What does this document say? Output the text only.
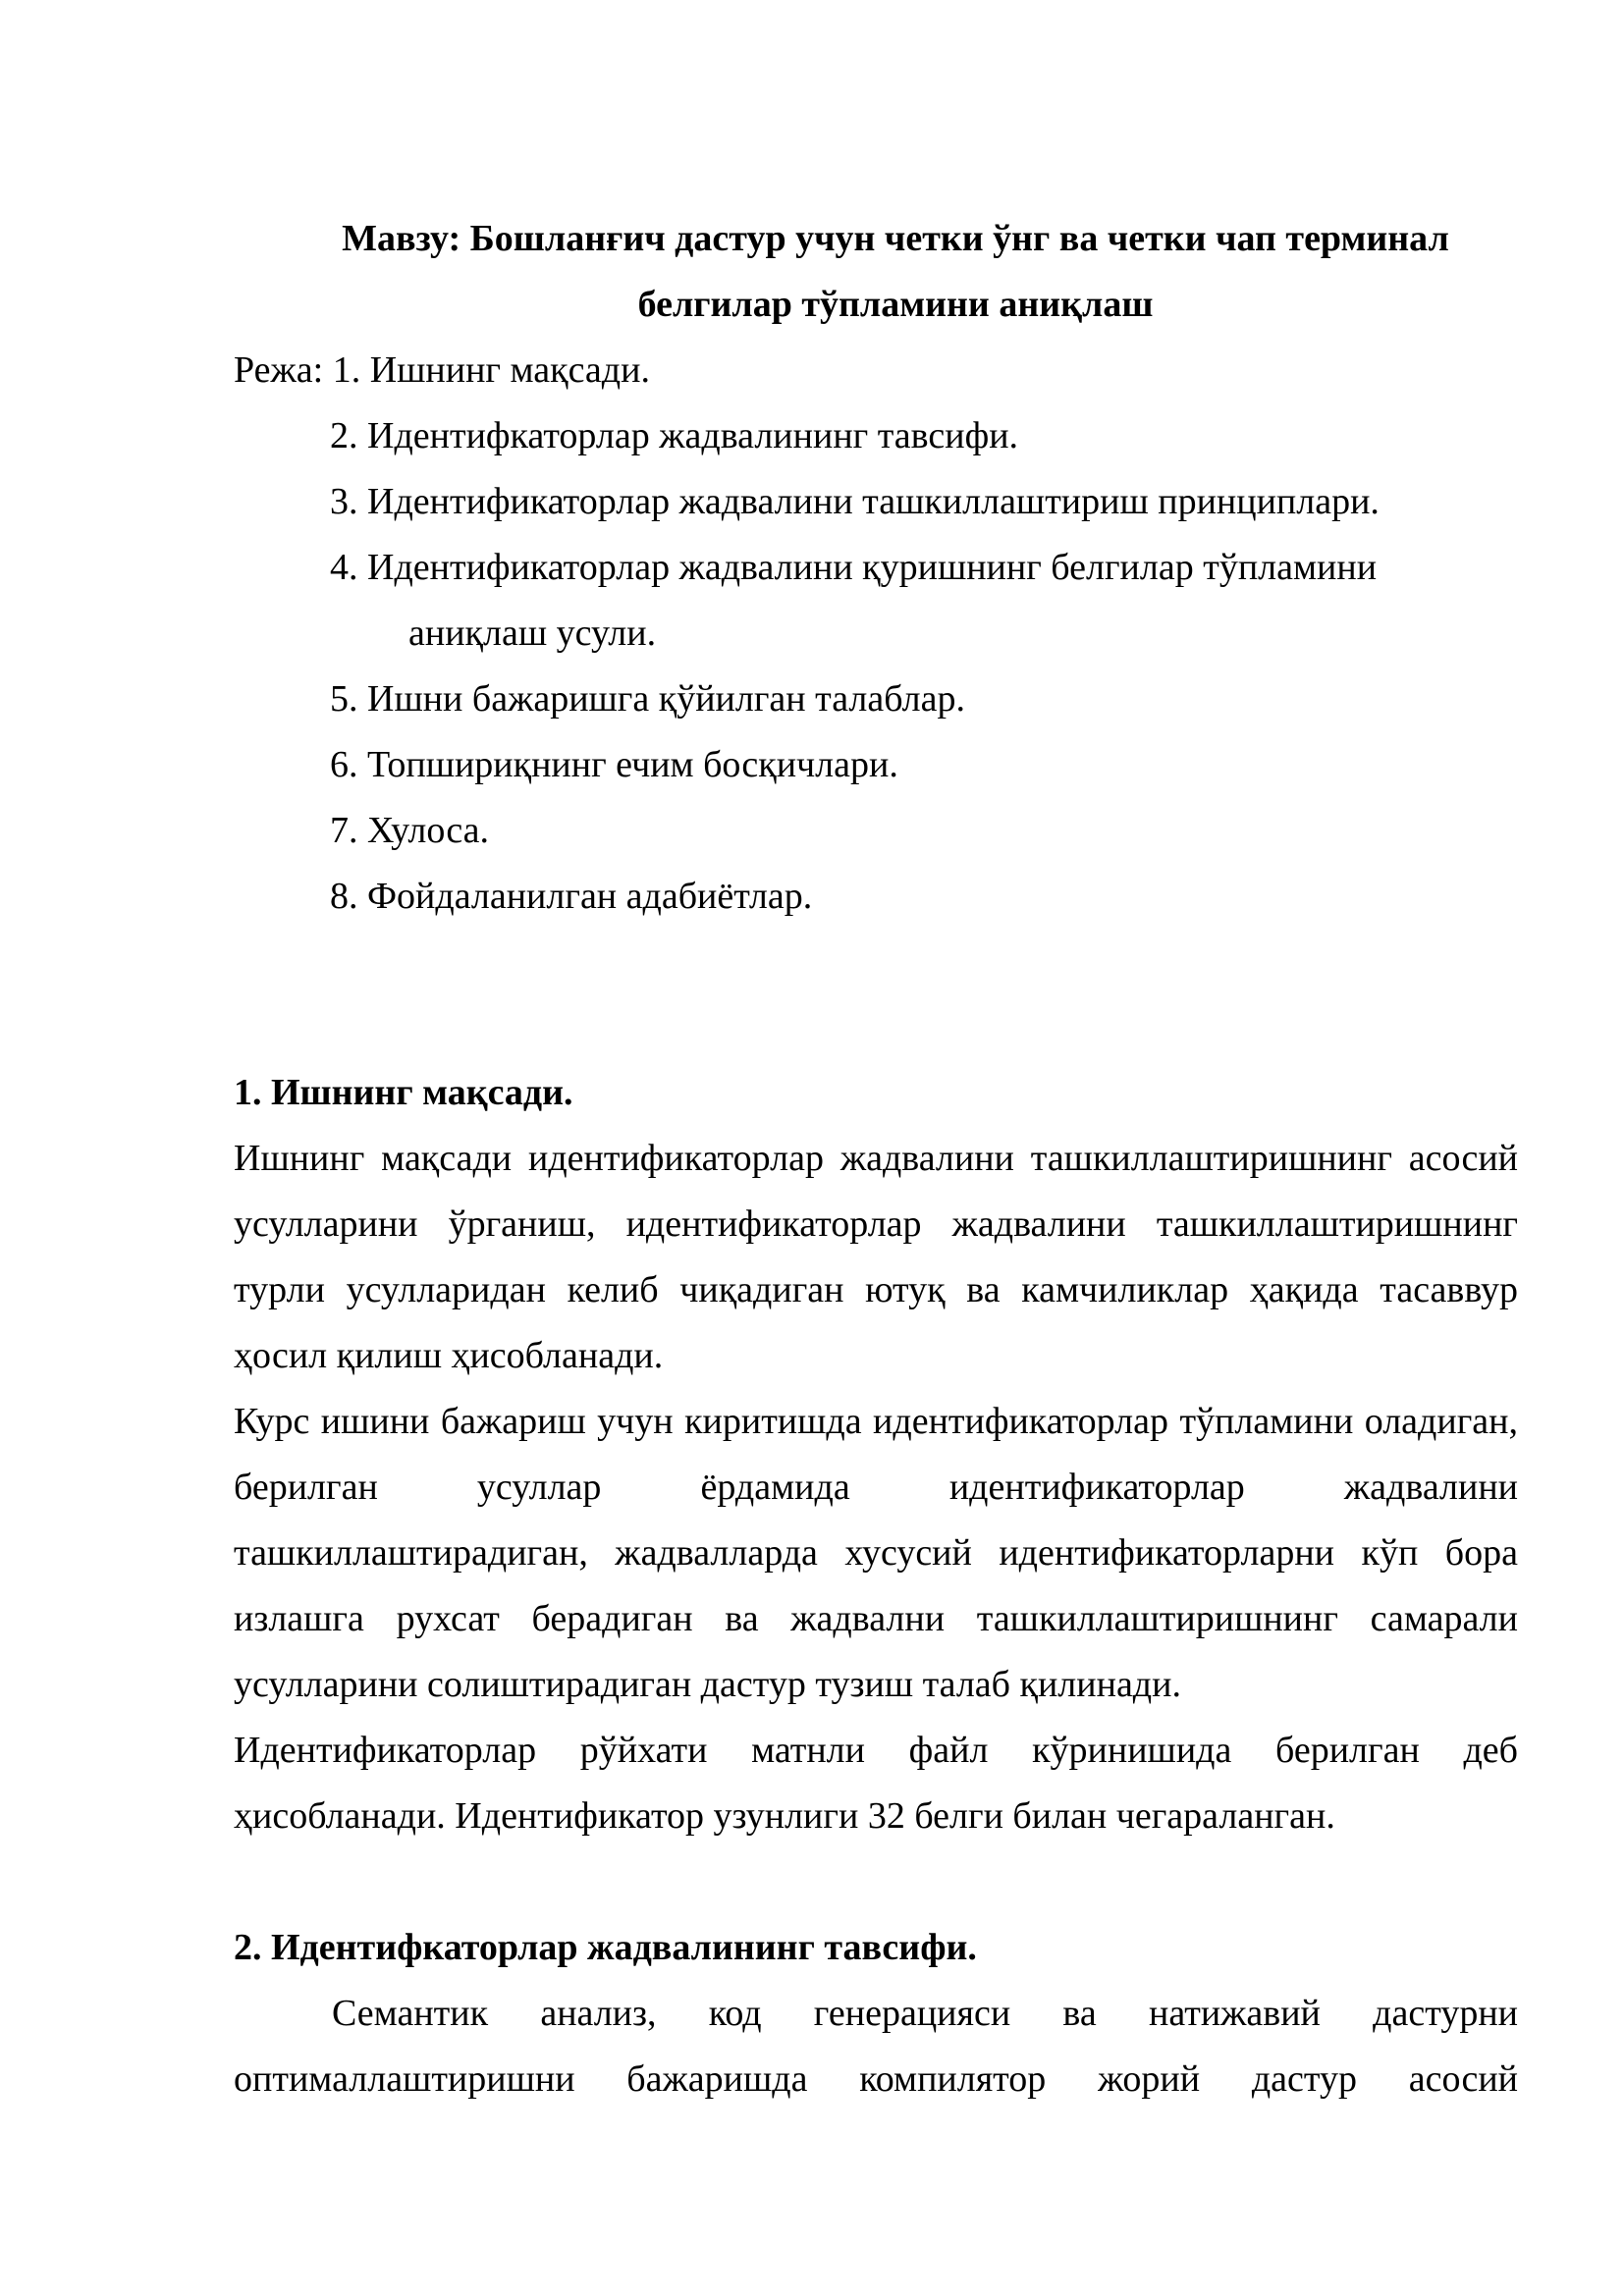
Мавзу: Бошланғич дастур учун четки ўнг ва четки чап терминал
белгилар тўпламини аниқлаш
Режа: 1. Ишнинг мақсади.
2. Идентифкаторлар жадвалининг тавсифи.
3. Идентификаторлар жадвалини ташкиллаштириш принциплари.
4. Идентификаторлар жадвалини қуришнинг белгилар тўпламини
аниқлаш усули.
5. Ишни бажаришга қўйилган талаблар.
6. Топшириқнинг ечим босқичлари.
7. Хулоса.
8. Фойдаланилган адабиётлар.
1. Ишнинг мақсади.

Ишнинг мақсади идентификаторлар жадвалини ташкиллаштиришнинг асосий усулларини ўрганиш, идентификаторлар жадвалини ташкиллаштиришнинг турли усулларидан келиб чиқадиган ютуқ ва камчиликлар ҳақида тасаввур ҳосил қилиш ҳисобланади.

Курс ишини бажариш учун киритишда идентификаторлар тўпламини оладиган, берилган усуллар ёрдамида идентификаторлар жадвалини ташкиллаштирадиган, жадвалларда хусусий идентификаторларни кўп бора излашга рухсат берадиган ва жадвални ташкиллаштиришнинг самарали усулларини солиштирадиган дастур тузиш талаб қилинади.

Идентификаторлар рўйхати матнли файл кўринишида берилган деб ҳисобланади. Идентификатор узунлиги 32 белги билан чегараланган.

2. Идентифкаторлар жадвалининг тавсифи.

Семантик анализ, код генерацияси ва натижавий дастурни оптималлаштиришни бажаришда компилятор жорий дастур асосий
